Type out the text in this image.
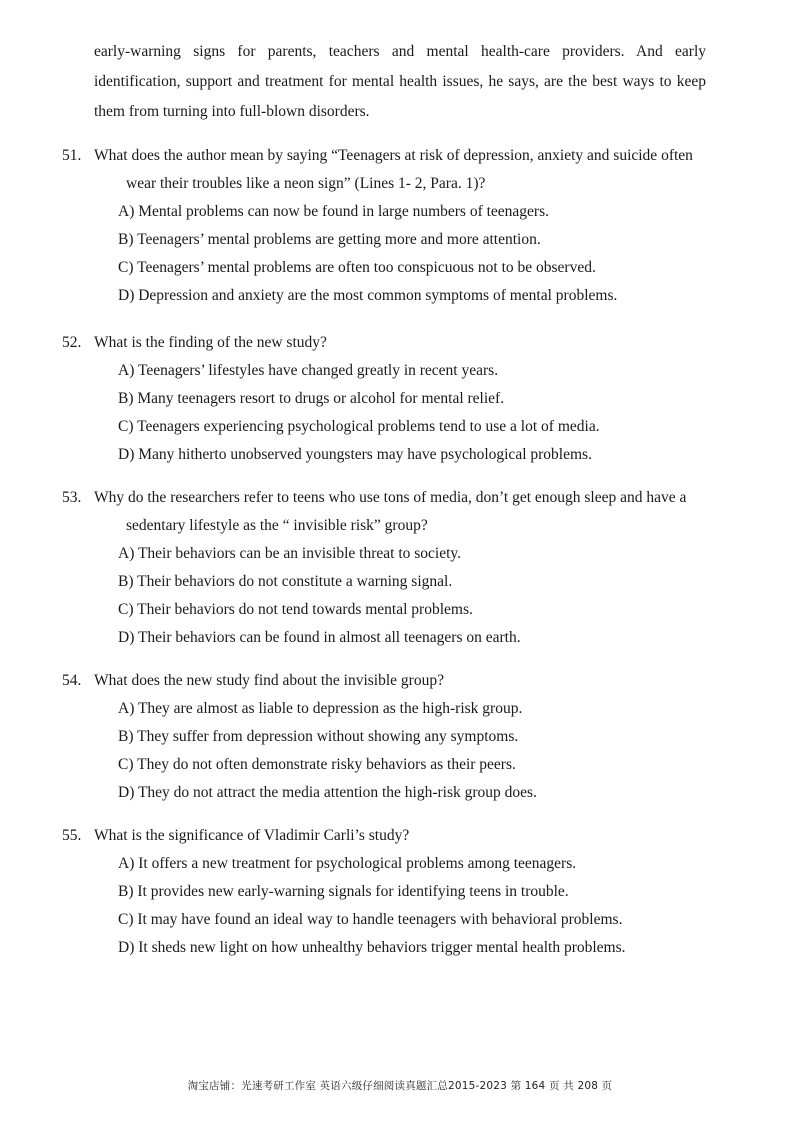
early-warning signs for parents, teachers and mental health-care providers. And early identification, support and treatment for mental health issues, he says, are the best ways to keep them from turning into full-blown disorders.

51. What does the author mean by saying “Teenagers at risk of depression, anxiety and suicide often wear their troubles like a neon sign” (Lines 1- 2, Para. 1)?
A) Mental problems can now be found in large numbers of teenagers.
B) Teenagers’ mental problems are getting more and more attention.
C) Teenagers’ mental problems are often too conspicuous not to be observed.
D) Depression and anxiety are the most common symptoms of mental problems.
52. What is the finding of the new study?
A) Teenagers’ lifestyles have changed greatly in recent years.
B) Many teenagers resort to drugs or alcohol for mental relief.
C) Teenagers experiencing psychological problems tend to use a lot of media.
D) Many hitherto unobserved youngsters may have psychological problems.
53. Why do the researchers refer to teens who use tons of media, don’t get enough sleep and have a sedentary lifestyle as the “ invisible risk” group?
A) Their behaviors can be an invisible threat to society.
B) Their behaviors do not constitute a warning signal.
C) Their behaviors do not tend towards mental problems.
D) Their behaviors can be found in almost all teenagers on earth.
54. What does the new study find about the invisible group?
A) They are almost as liable to depression as the high-risk group.
B) They suffer from depression without showing any symptoms.
C) They do not often demonstrate risky behaviors as their peers.
D) They do not attract the media attention the high-risk group does.
55. What is the significance of Vladimir Carli’s study?
A) It offers a new treatment for psychological problems among teenagers.
B) It provides new early-warning signals for identifying teens in trouble.
C) It may have found an ideal way to handle teenagers with behavioral problems.
D) It sheds new light on how unhealthy behaviors trigger mental health problems.
淘宝店铺：光速考研工作室 英语六级仔细阅读真题汇总2015-2023 第 164 页 共 208 页
